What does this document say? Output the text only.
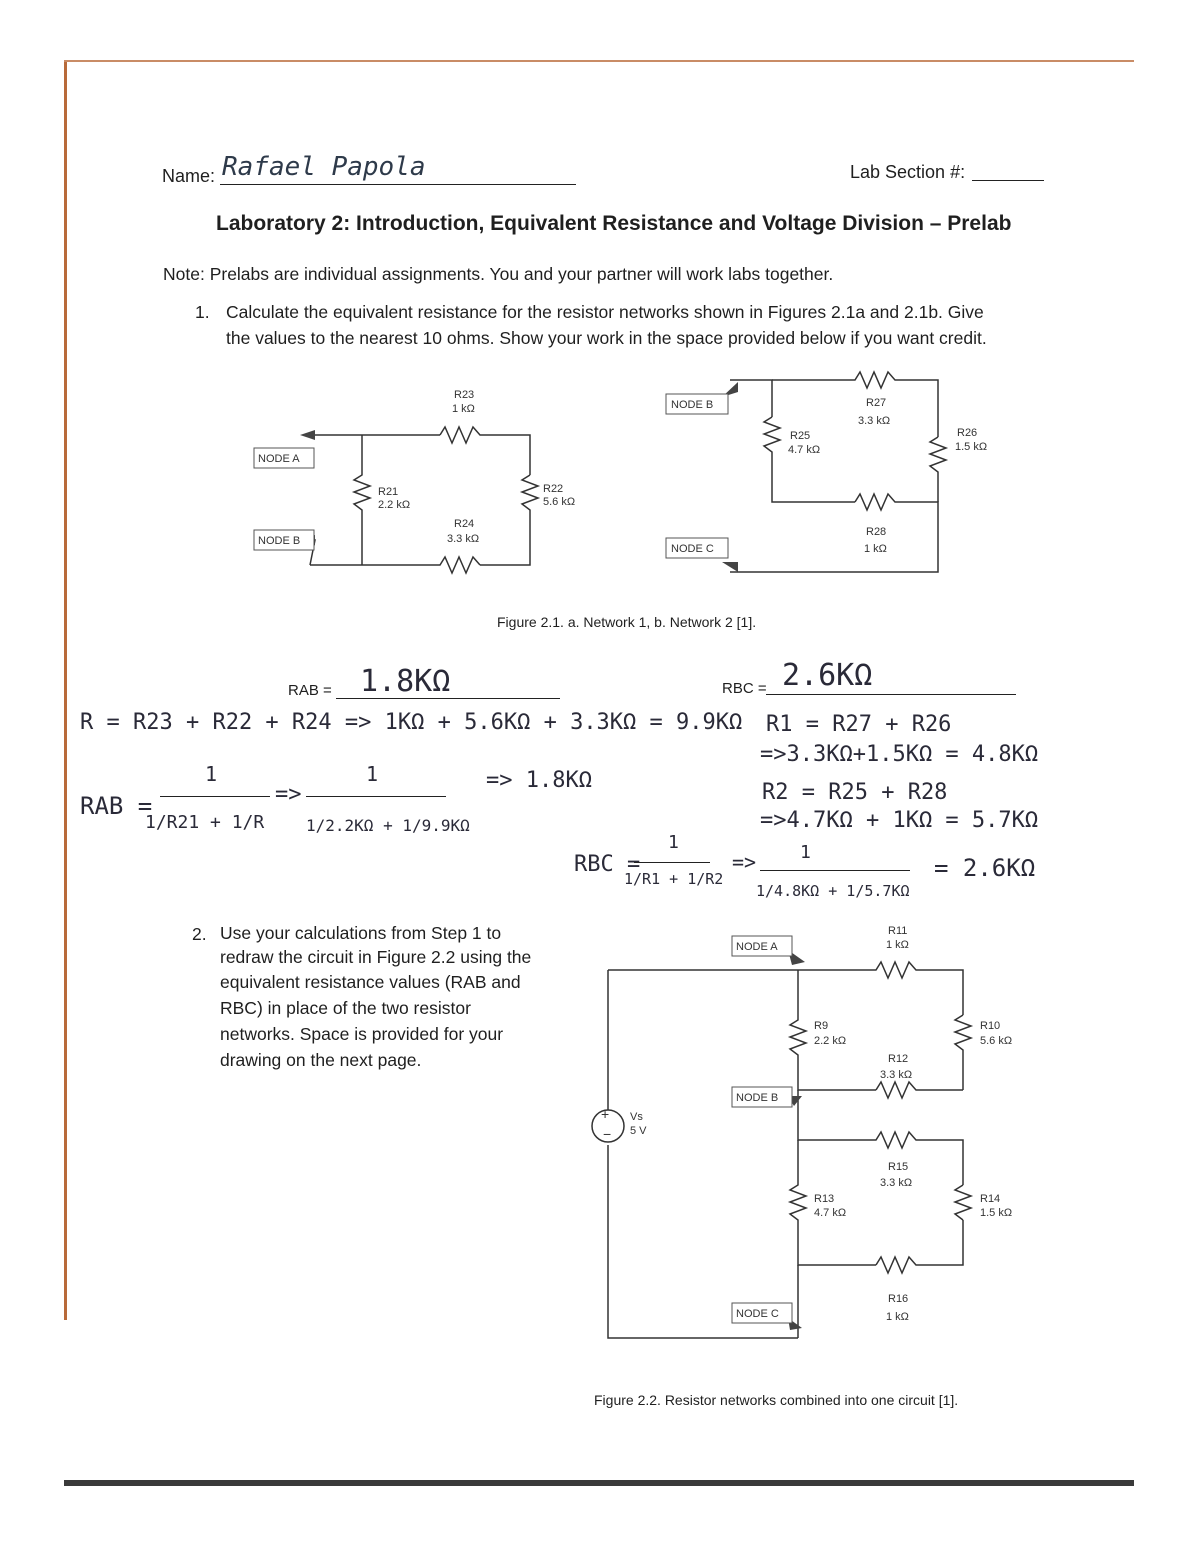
Name: Rafael Papola	Lab Section #:
Laboratory 2: Introduction, Equivalent Resistance and Voltage Division – Prelab
Note: Prelabs are individual assignments. You and your partner will work labs together.
1. Calculate the equivalent resistance for the resistor networks shown in Figures 2.1a and 2.1b. Give
the values to the nearest 10 ohms. Show your work in the space provided below if you want credit.
NODE A
NODE B
R23
1 kΩ
R21
2.2 kΩ
R22
5.6 kΩ
R24
3.3 kΩ
NODE B
NODE C
R27
3.3 kΩ
R25
4.7 kΩ
R26
1.5 kΩ
R28
1 kΩ
Figure 2.1. a. Network 1, b. Network 2 [1].
RAB = 1.8KΩ	RBC = 2.6KΩ
R = R23 + R22 + R24 => 1KΩ + 5.6KΩ + 3.3KΩ = 9.9KΩ
RAB =
1
1/R21 + 1/R
=>
1
1/2.2KΩ + 1/9.9KΩ
=> 1.8KΩ
R1 = R27 + R26
=>3.3KΩ+1.5KΩ = 4.8KΩ
R2 = R25 + R28
=>4.7KΩ + 1KΩ = 5.7KΩ
RBC =
1
1/R1 + 1/R2
=> 1
1/4.8KΩ + 1/5.7KΩ
= 2.6KΩ
2. Use your calculations from Step 1 to
redraw the circuit in Figure 2.2 using the
equivalent resistance values (RAB and
RBC) in place of the two resistor
networks. Space is provided for your
drawing on the next page.
+
−
NODE A
NODE B
NODE C
Vs
5 V
R11
1 kΩ
R9
2.2 kΩ
R10
5.6 kΩ
R12
3.3 kΩ
R15
3.3 kΩ
R13
4.7 kΩ
R14
1.5 kΩ
R16
1 kΩ
Figure 2.2. Resistor networks combined into one circuit [1].
